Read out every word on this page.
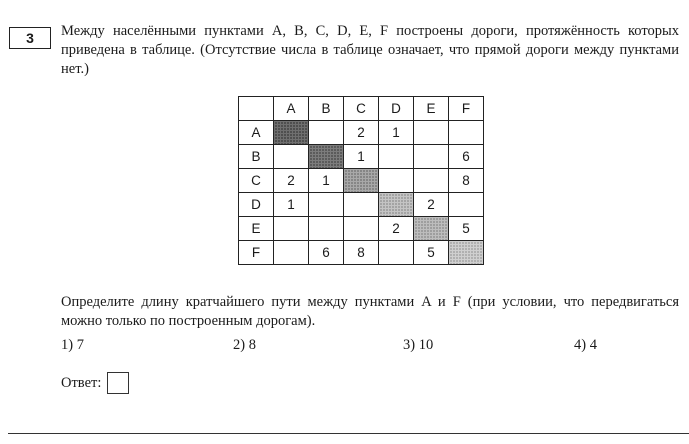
3	Между населёнными пунктами A, B, C, D, E, F построены дороги, протяжённость которых приведена в таблице. (Отсутствие числа в таблице означает, что прямой дороги между пунктами нет.)

	A	B	C	D	E	F
A			2	1		
B			1			6
C	2	1				8
D	1				2	
E				2		5
F		6	8		5	

Определите длину кратчайшего пути между пунктами A и F (при условии, что передвигаться можно только по построенным дорогам).

1) 7	2) 8	3) 10	4) 4
Ответ:
